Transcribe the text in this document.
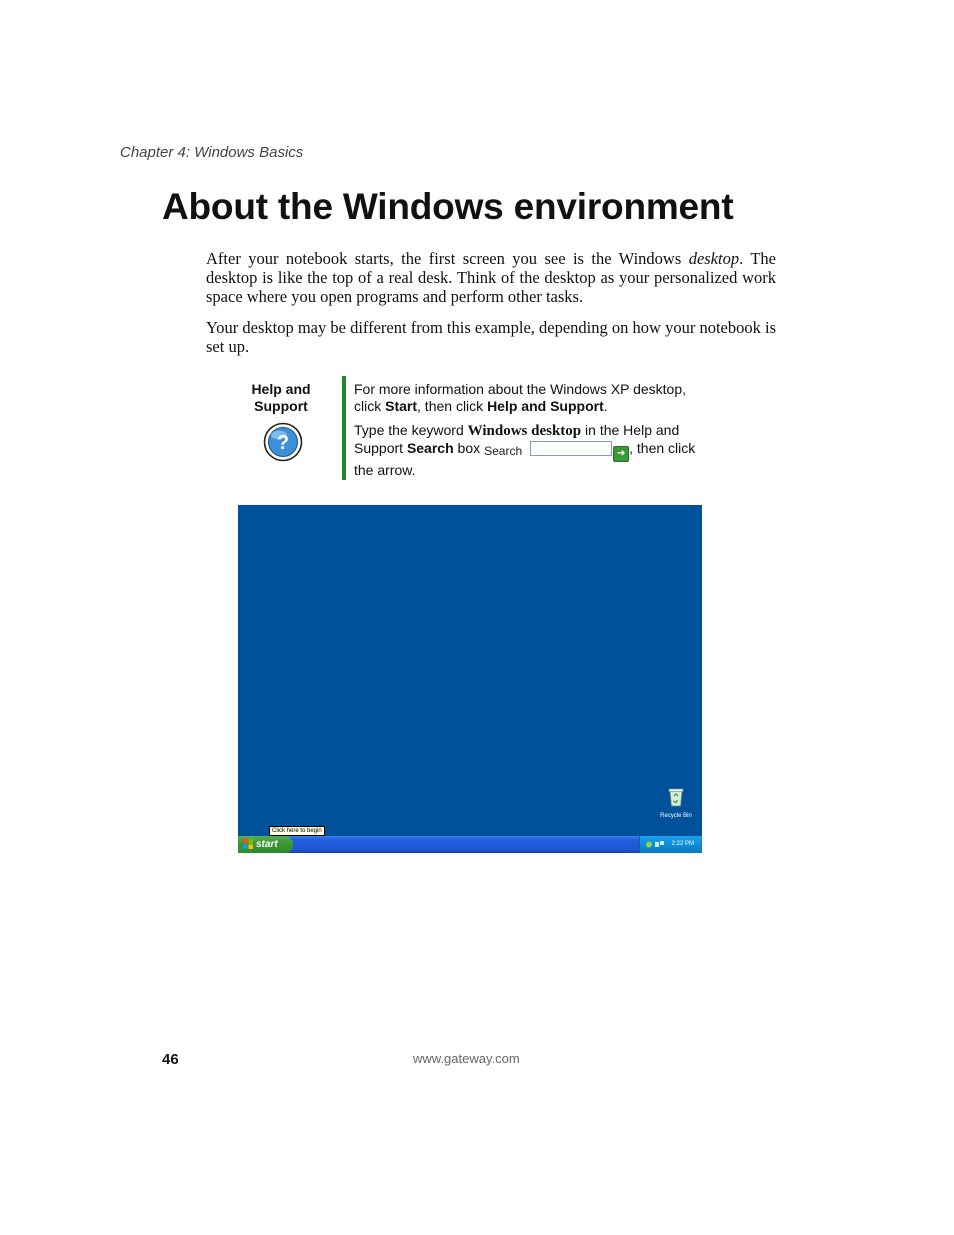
Chapter 4: Windows Basics
About the Windows environment

After your notebook starts, the first screen you see is the Windows desktop. The desktop is like the top of a real desk. Think of the desktop as your personalized work space where you open programs and perform other tasks.

Your desktop may be different from this example, depending on how your notebook is set up.

Help and
Support
?

For more information about the Windows XP desktop, click Start, then click Help and Support.

Type the keyword Windows desktop in the Help and Support Search box Search	➔ , then click the arrow.

Recycle Bin
Click here to begin
start	2:22 PM
46	www.gateway.com
